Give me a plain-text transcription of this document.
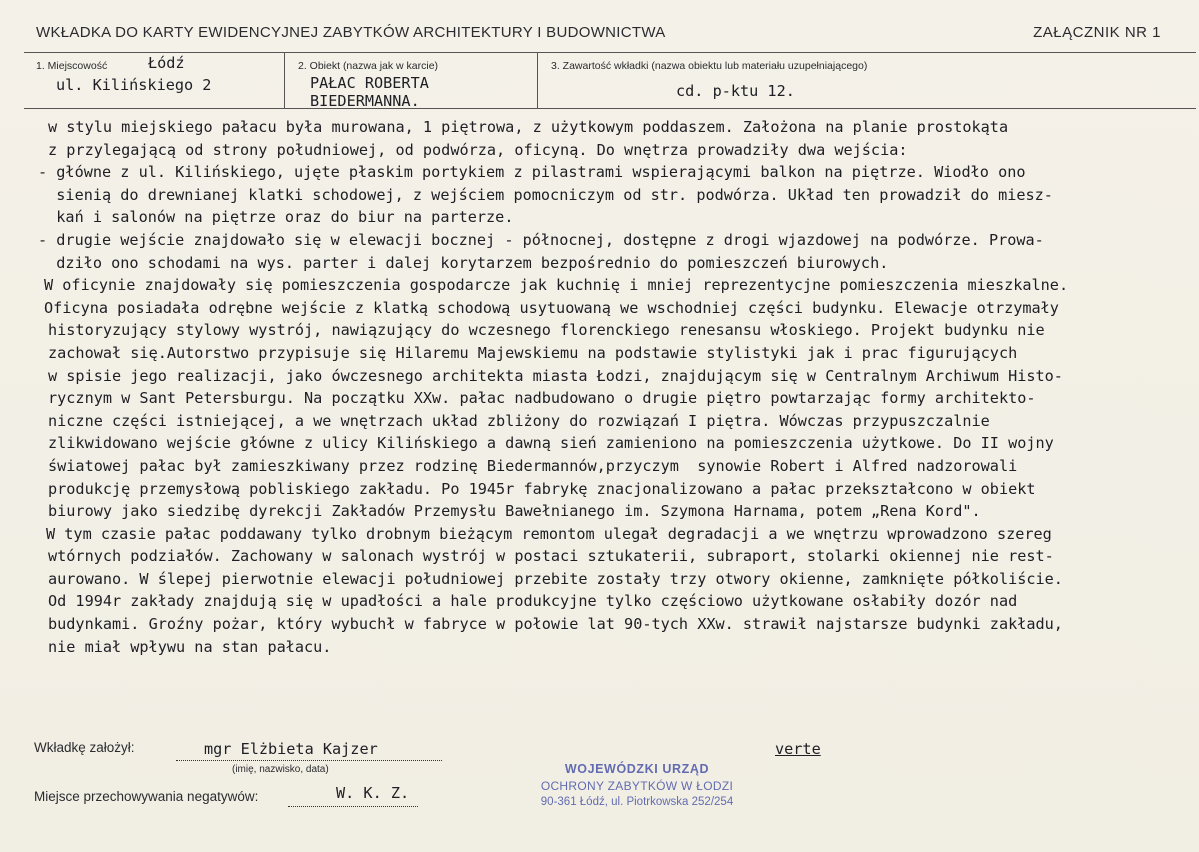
WKŁADKA DO KARTY EWIDENCYJNEJ ZABYTKÓW ARCHITEKTURY I BUDOWNICTWA	ZAŁĄCZNIK NR 1
1. Miejscowość	Łódź
ul. Kilińskiego 2
2. Obiekt (nazwa jak w karcie)
PAŁAC ROBERTA
BIEDERMANNA.
3. Zawartość wkładki (nazwa obiektu lub materiału uzupełniającego)
cd. p-ktu 12.
w stylu miejskiego pałacu była murowana, 1 piętrowa, z użytkowym poddaszem. Założona na planie prostokąta
z przylegającą od strony południowej, od podwórza, oficyną. Do wnętrza prowadziły dwa wejścia:
- główne z ul. Kilińskiego, ujęte płaskim portykiem z pilastrami wspierającymi balkon na piętrze. Wiodło ono
sienią do drewnianej klatki schodowej, z wejściem pomocniczym od str. podwórza. Układ ten prowadził do miesz-
kań i salonów na piętrze oraz do biur na parterze.
- drugie wejście znajdowało się w elewacji bocznej - północnej, dostępne z drogi wjazdowej na podwórze. Prowa-
dziło ono schodami na wys. parter i dalej korytarzem bezpośrednio do pomieszczeń biurowych.
W oficynie znajdowały się pomieszczenia gospodarcze jak kuchnię i mniej reprezentycjne pomieszczenia mieszkalne.
Oficyna posiadała odrębne wejście z klatką schodową usytuowaną we wschodniej części budynku. Elewacje otrzymały
historyzujący stylowy wystrój, nawiązujący do wczesnego florenckiego renesansu włoskiego. Projekt budynku nie
zachował się.Autorstwo przypisuje się Hilaremu Majewskiemu na podstawie stylistyki jak i prac figurujących
w spisie jego realizacji, jako ówczesnego architekta miasta Łodzi, znajdującym się w Centralnym Archiwum Histo-
rycznym w Sant Petersburgu. Na początku XXw. pałac nadbudowano o drugie piętro powtarzając formy architekto-
niczne części istniejącej, a we wnętrzach układ zbliżony do rozwiązań I piętra. Wówczas przypuszczalnie
zlikwidowano wejście główne z ulicy Kilińskiego a dawną sień zamieniono na pomieszczenia użytkowe. Do II wojny
światowej pałac był zamieszkiwany przez rodzinę Biedermannów,przyczym  synowie Robert i Alfred nadzorowali
produkcję przemysłową pobliskiego zakładu. Po 1945r fabrykę znacjonalizowano a pałac przekształcono w obiekt
biurowy jako siedzibę dyrekcji Zakładów Przemysłu Bawełnianego im. Szymona Harnama, potem „Rena Kord".
W tym czasie pałac poddawany tylko drobnym bieżącym remontom ulegał degradacji a we wnętrzu wprowadzono szereg
wtórnych podziałów. Zachowany w salonach wystrój w postaci sztukaterii, subraport, stolarki okiennej nie rest-
aurowano. W ślepej pierwotnie elewacji południowej przebite zostały trzy otwory okienne, zamknięte półkoliście.
Od 1994r zakłady znajdują się w upadłości a hale produkcyjne tylko częściowo użytkowane osłabiły dozór nad
budynkami. Groźny pożar, który wybuchł w fabryce w połowie lat 90-tych XXw. strawił najstarsze budynki zakładu,
nie miał wpływu na stan pałacu.
Wkładkę założył:	mgr Elżbieta Kajzer
(imię, nazwisko, data)
verte
Miejsce przechowywania negatywów:	W. K. Z.
WOJEWÓDZKI URZĄD
OCHRONY ZABYTKÓW W ŁODZI
90-361 Łódź, ul. Piotrkowska 252/254
